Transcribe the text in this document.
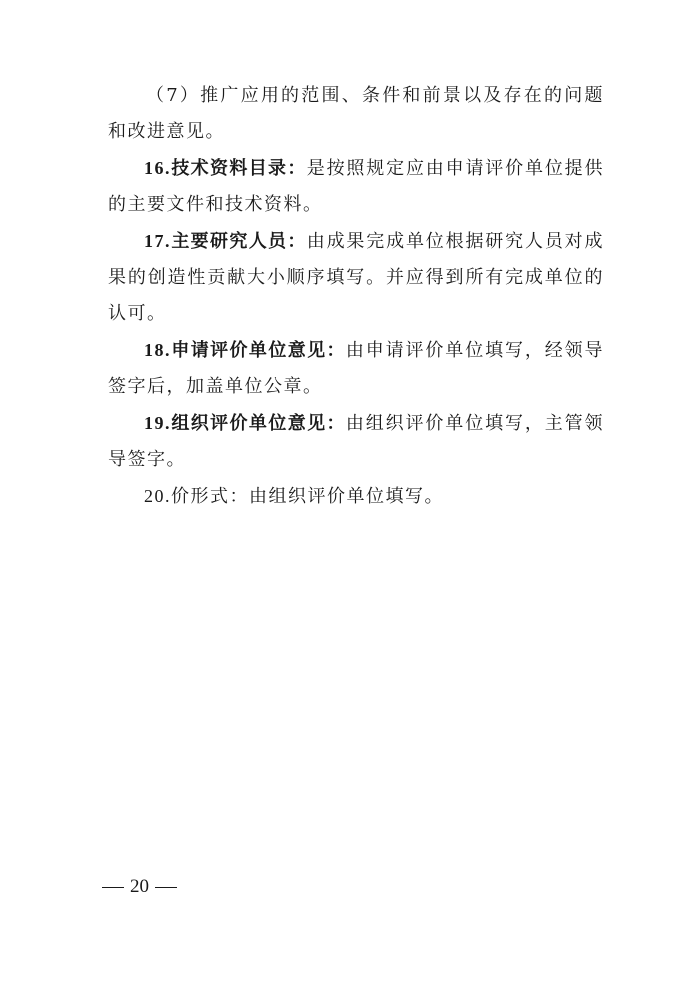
（7）推广应用的范围、条件和前景以及存在的问题和改进意见。

16.技术资料目录：是按照规定应由申请评价单位提供的主要文件和技术资料。

17.主要研究人员：由成果完成单位根据研究人员对成果的创造性贡献大小顺序填写。并应得到所有完成单位的认可。

18.申请评价单位意见：由申请评价单位填写，经领导签字后，加盖单位公章。

19.组织评价单位意见：由组织评价单位填写，主管领导签字。

20.价形式：由组织评价单位填写。

20
